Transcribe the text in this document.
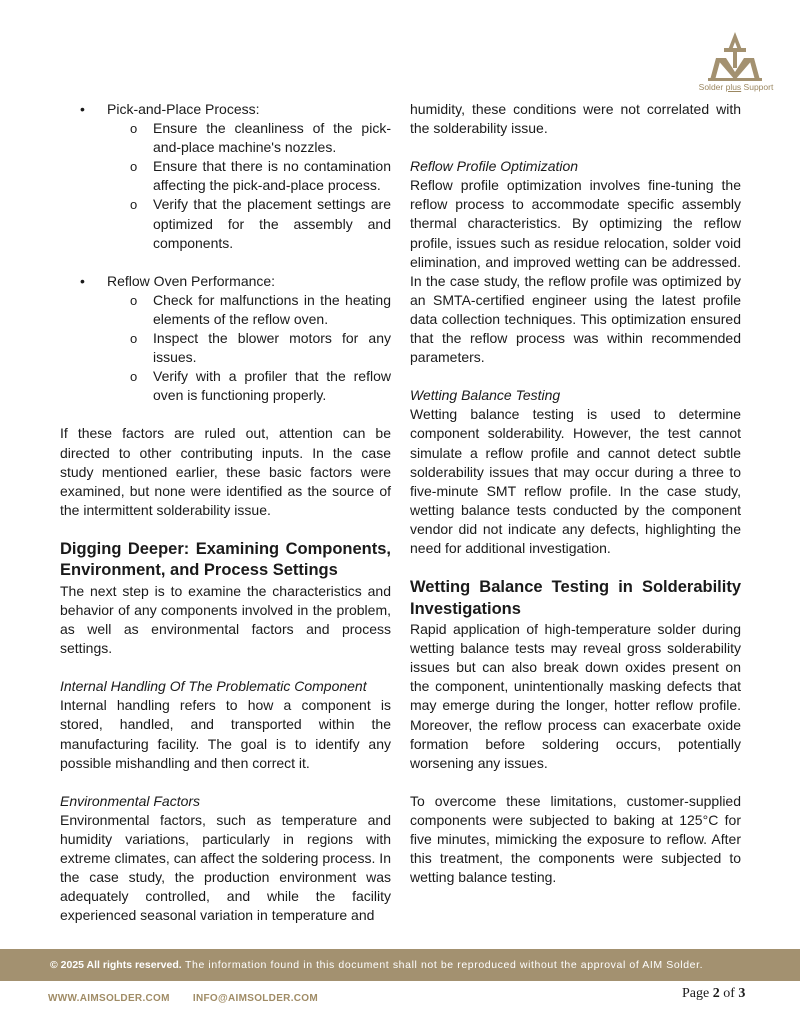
Solder plus Support
• Pick-and-Place Process:
o Ensure the cleanliness of the pick-and-place machine's nozzles.
o Ensure that there is no contamination affecting the pick-and-place process.
o Verify that the placement settings are optimized for the assembly and components.
• Reflow Oven Performance:
o Check for malfunctions in the heating elements of the reflow oven.
o Inspect the blower motors for any issues.
o Verify with a profiler that the reflow oven is functioning properly.

If these factors are ruled out, attention can be directed to other contributing inputs. In the case study mentioned earlier, these basic factors were examined, but none were identified as the source of the intermittent solderability issue.

Digging Deeper: Examining Components, Environment, and Process Settings

The next step is to examine the characteristics and behavior of any components involved in the problem, as well as environmental factors and process settings.

Internal Handling Of The Problematic Component

Internal handling refers to how a component is stored, handled, and transported within the manufacturing facility. The goal is to identify any possible mishandling and then correct it.

Environmental Factors

Environmental factors, such as temperature and humidity variations, particularly in regions with extreme climates, can affect the soldering process. In the case study, the production environment was adequately controlled, and while the facility experienced seasonal variation in temperature and

humidity, these conditions were not correlated with the solderability issue.

Reflow Profile Optimization

Reflow profile optimization involves fine-tuning the reflow process to accommodate specific assembly thermal characteristics. By optimizing the reflow profile, issues such as residue relocation, solder void elimination, and improved wetting can be addressed. In the case study, the reflow profile was optimized by an SMTA-certified engineer using the latest profile data collection techniques. This optimization ensured that the reflow process was within recommended parameters.

Wetting Balance Testing

Wetting balance testing is used to determine component solderability. However, the test cannot simulate a reflow profile and cannot detect subtle solderability issues that may occur during a three to five-minute SMT reflow profile. In the case study, wetting balance tests conducted by the component vendor did not indicate any defects, highlighting the need for additional investigation.

Wetting Balance Testing in Solderability Investigations

Rapid application of high-temperature solder during wetting balance tests may reveal gross solderability issues but can also break down oxides present on the component, unintentionally masking defects that may emerge during the longer, hotter reflow profile. Moreover, the reflow process can exacerbate oxide formation before soldering occurs, potentially worsening any issues.

To overcome these limitations, customer-supplied components were subjected to baking at 125°C for five minutes, mimicking the exposure to reflow. After this treatment, the components were subjected to wetting balance testing.

© 2025 All rights reserved. The information found in this document shall not be reproduced without the approval of AIM Solder.
WWW.AIMSOLDER.COM INFO@AIMSOLDER.COM	Page 2 of 3
